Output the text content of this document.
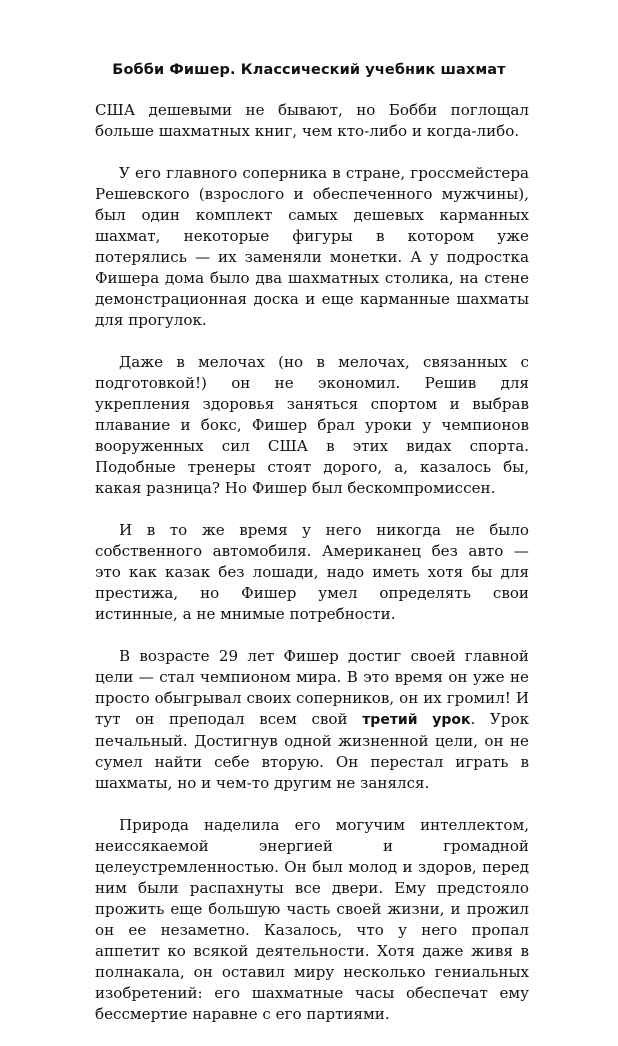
Бобби Фишер. Классический учебник шахмат

США дешевыми не бывают, но Бобби поглощал больше шахматных книг, чем кто-либо и когда-либо.

У его главного соперника в стране, гроссмейстера Решевского (взрослого и обеспеченного мужчины), был один комплект самых дешевых карманных шахмат, некоторые фигуры в котором уже потерялись — их заменяли монетки. А у подростка Фишера дома было два шахматных столика, на стене демонстрационная доска и еще карманные шахматы для прогулок.

Даже в мелочах (но в мелочах, связанных с подготовкой!) он не экономил. Решив для укрепления здоровья заняться спортом и выбрав плавание и бокс, Фишер брал уроки у чемпионов вооруженных сил США в этих видах спорта. Подобные тренеры стоят дорого, а, казалось бы, какая разница? Но Фишер был бескомпромиссен.

И в то же время у него никогда не было собственного автомобиля. Американец без авто — это как казак без лошади, надо иметь хотя бы для престижа, но Фишер умел определять свои истинные, а не мнимые потребности.

В возрасте 29 лет Фишер достиг своей главной цели — стал чемпионом мира. В это время он уже не просто обыгрывал своих соперников, он их громил! И тут он преподал всем свой третий урок. Урок печальный. Достигнув одной жизненной цели, он не сумел найти себе вторую. Он перестал играть в шахматы, но и чем-то другим не занялся.

Природа наделила его могучим интеллектом, неиссякаемой энергией и громадной целеустремленностью. Он был молод и здоров, перед ним были распахнуты все двери. Ему предстояло прожить еще большую часть своей жизни, и прожил он ее незаметно. Казалось, что у него пропал аппетит ко всякой деятельности. Хотя даже живя в полнакала, он оставил миру несколько гениальных изобретений: его шахматные часы обеспечат ему бессмертие наравне с его партиями.
